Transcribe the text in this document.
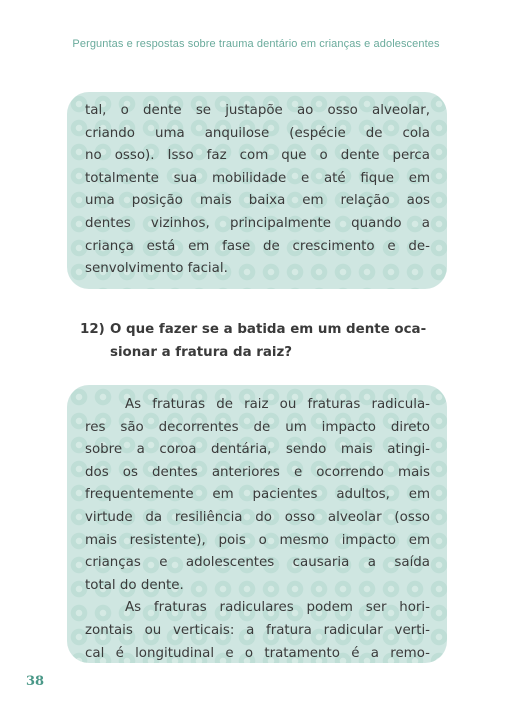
Perguntas e respostas sobre trauma dentário em crianças e adolescentes
tal, o dente se justapõe ao osso alveolar,
criando uma anquilose (espécie de cola
no osso). Isso faz com que o dente perca
totalmente sua mobilidade e até fique em
uma posição mais baixa em relação aos
dentes vizinhos, principalmente quando a
criança está em fase de crescimento e de-
senvolvimento facial.
12) O que fazer se a batida em um dente oca-
sionar a fratura da raiz?
As fraturas de raiz ou fraturas radicula-
res são decorrentes de um impacto direto
sobre a coroa dentária, sendo mais atingi-
dos os dentes anteriores e ocorrendo mais
frequentemente em pacientes adultos, em
virtude da resiliência do osso alveolar (osso
mais resistente), pois o mesmo impacto em
crianças e adolescentes causaria a saída
total do dente.
As fraturas radiculares podem ser hori-
zontais ou verticais: a fratura radicular verti-
cal é longitudinal e o tratamento é a remo-
38
